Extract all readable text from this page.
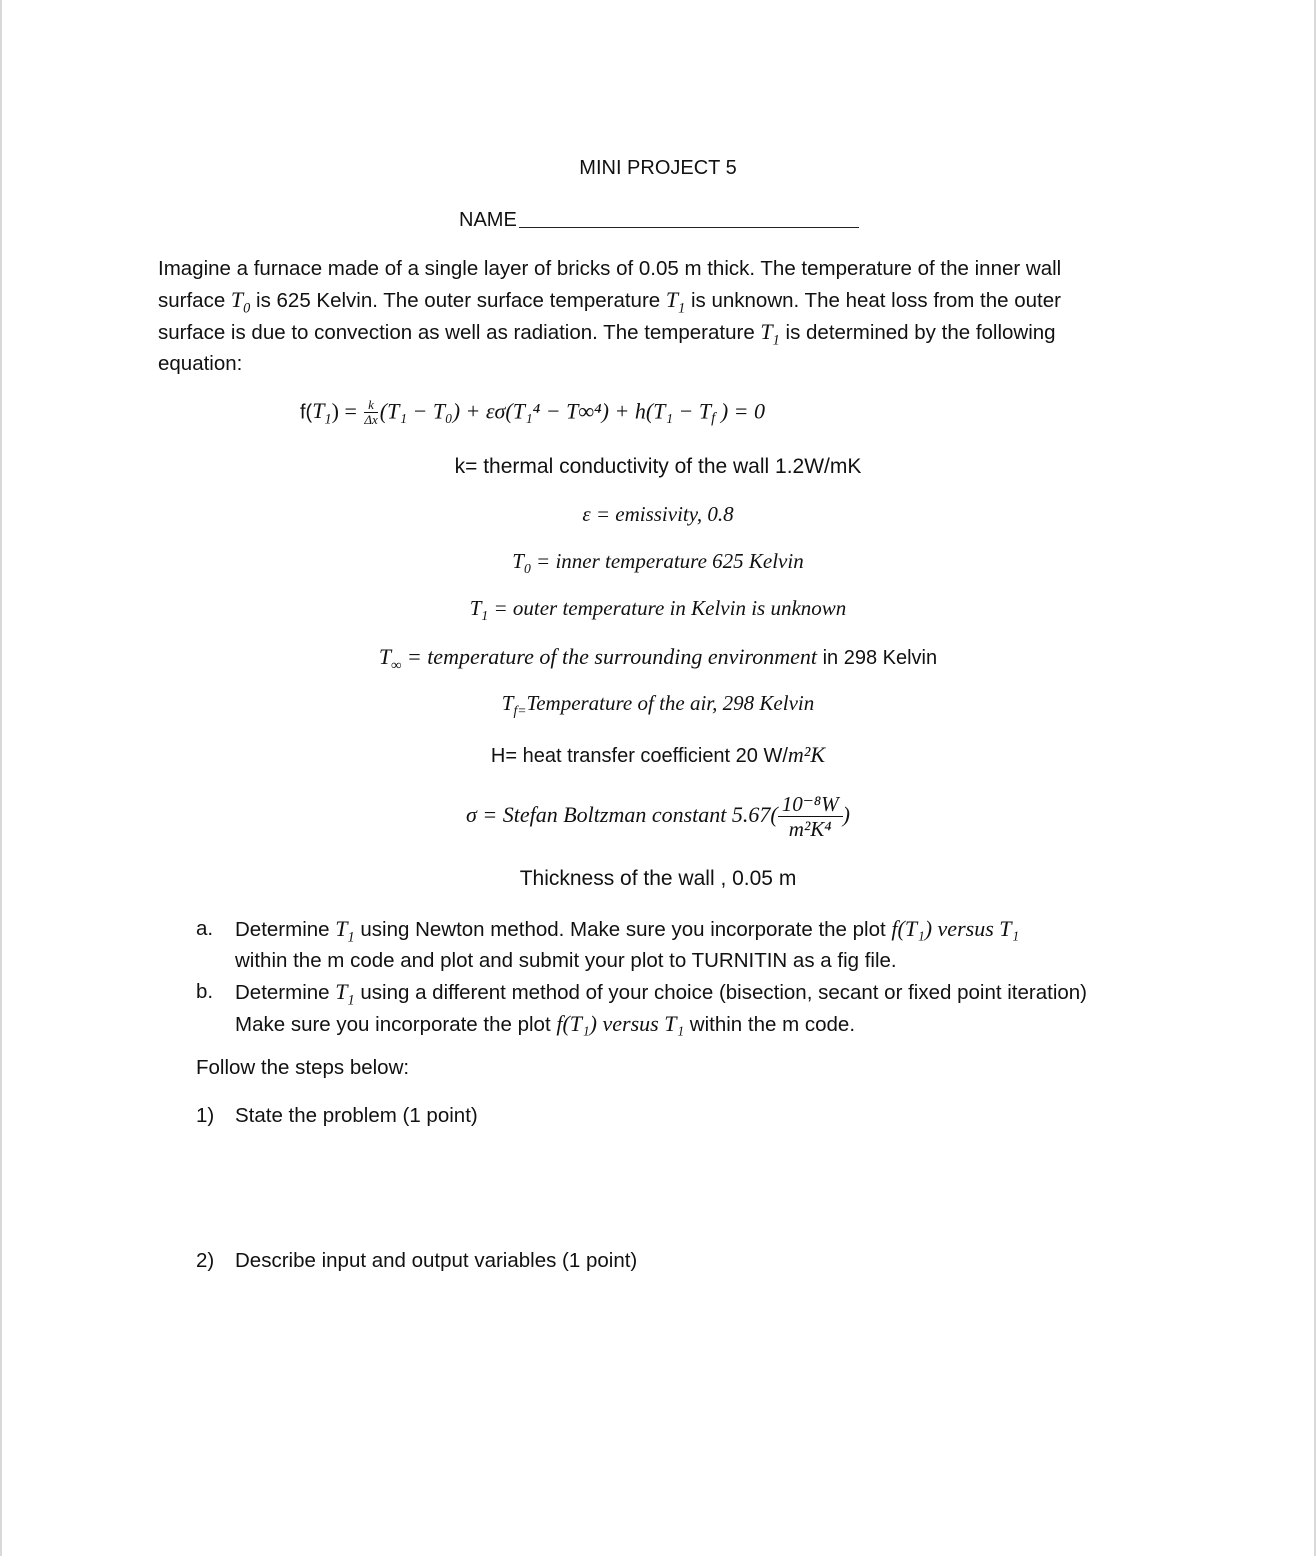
MINI PROJECT 5
NAME

Imagine a furnace made of a single layer of bricks of 0.05 m thick. The temperature of the inner wall

surface $T_0$ is 625 Kelvin. The outer surface temperature $T_1$ is unknown. The heat loss from the outer

surface is due to convection as well as radiation. The temperature $T_1$ is determined by the following

equation:

$f(T_1) = \frac{k}{\Delta x} (T_1 - T_0) + \varepsilon\sigma(T_1^4 - T\infty^4) + h(T_1 - Tf$ ) = 0
k= thermal conductivity of the wall 1.2W/mK
ε = emissivity, 0.8
$T_0$ = inner temperature 625 Kelvin
$T_1$ = outer temperature in Kelvin is unknown
$T_\infty$ = temperature of the surrounding environment in 298 Kelvin
$T_{f=}Temperature$ of the air, 298 Kelvin
H= heat transfer coefficient 20 W/m²K
σ = Stefan Boltzman constant $5.67( \frac{\text{10⁻⁸W}}{\text{m²K⁴}}$ )
Thickness of the wall , 0.05 m
a. Determine $T_1$ using Newton method. Make sure you incorporate the plot f(T₁) versus T₁
within the m code and plot and submit your plot to TURNITIN as a fig file.
b. Determine $T_1$ using a different method of your choice (bisection, secant or fixed point iteration)
Make sure you incorporate the plot f(T₁) versus T₁ within the m code.
Follow the steps below:
1) State the problem (1 point)
2) Describe input and output variables (1 point)
